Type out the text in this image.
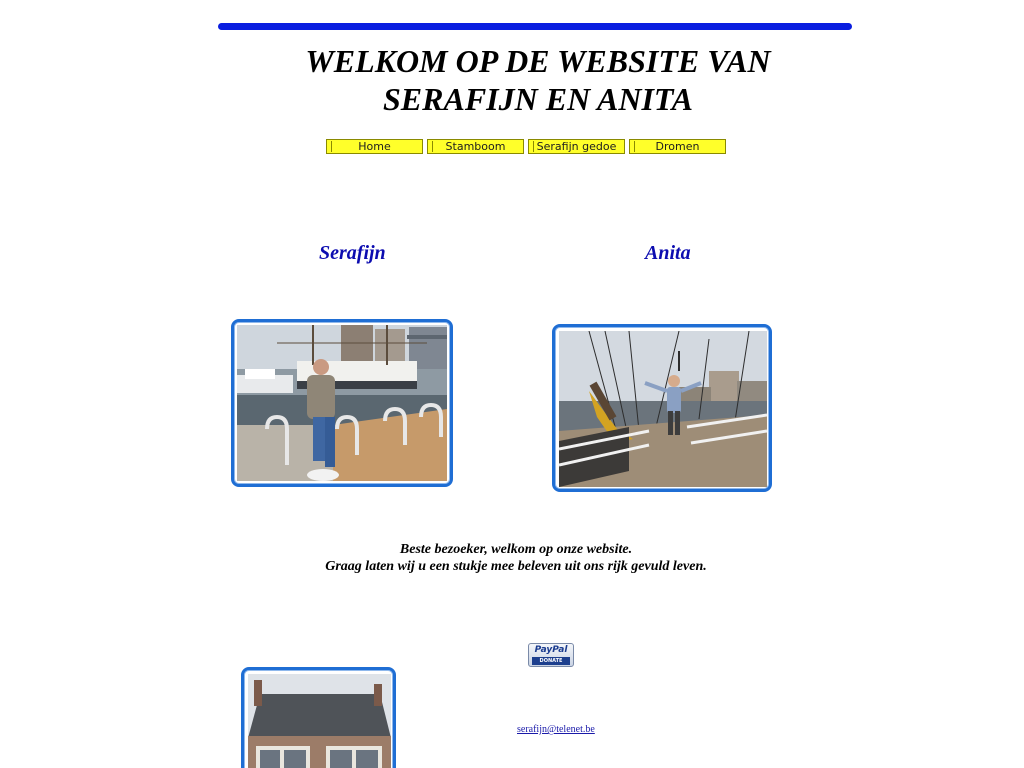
WELKOM OP DE WEBSITE VAN
SERAFIJN EN ANITA
Home	Stamboom	Serafijn gedoe	Dromen
Serafijn	Anita
Beste bezoeker, welkom op onze website.
Graag laten wij u een stukje mee beleven uit ons rijk gevuld leven.
PayPal
DONATE
serafijn@telenet.be
